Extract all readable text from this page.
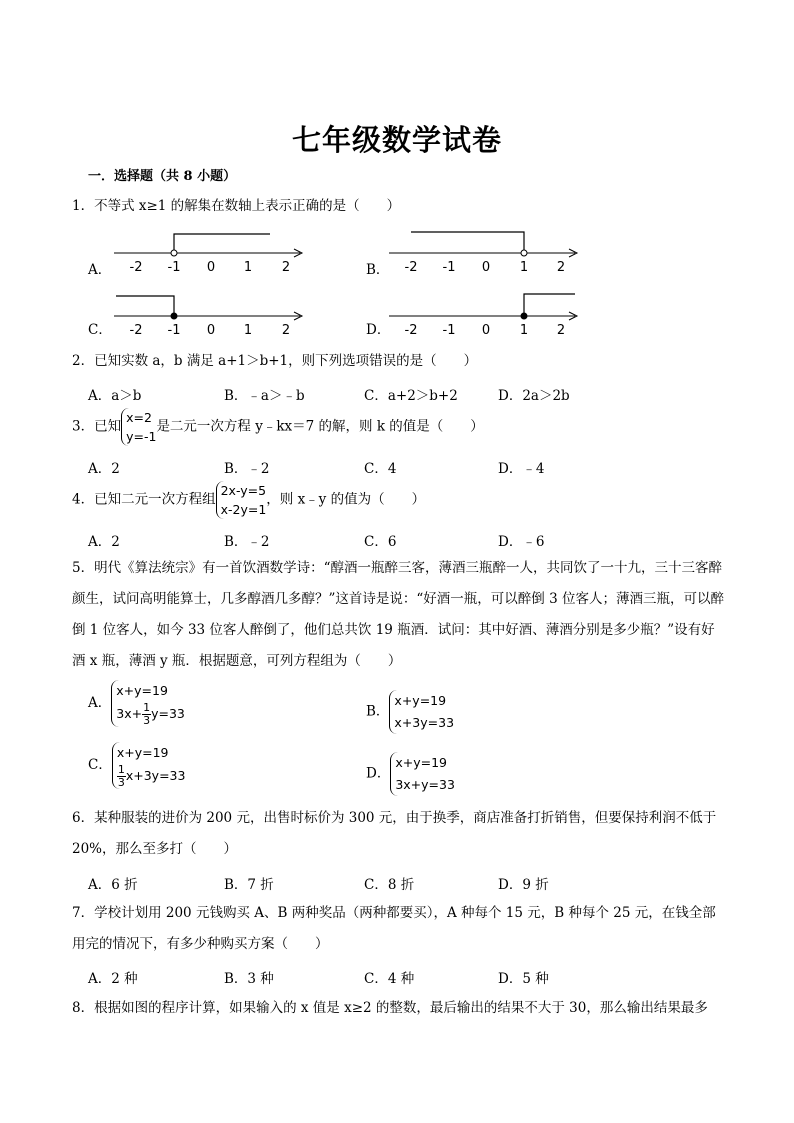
七年级数学试卷
一．选择题（共 8 小题）
1．不等式 x≥1 的解集在数轴上表示正确的是（　　）
A．	B．
C．	D．
-2 -1 0 1 2	-2 -1 0 1 2
-2 -1 0 1 2	-2 -1 0 1 2
2．已知实数 a，b 满足 a+1＞b+1，则下列选项错误的是（　　）
A．a＞b	B．﹣a＞﹣b	C．a+2＞b+2	D．2a＞2b
3．已知
x=2
y=-1
是二元一次方程 y﹣kx＝7 的解，则 k 的值是（　　）
A．2	B．﹣2	C．4	D．﹣4
4．已知二元一次方程组
2x-y=5
x-2y=1
，则 x﹣y 的值为（　　）
A．2	B．﹣2	C．6	D．﹣6
5．明代《算法统宗》有一首饮酒数学诗：“醇酒一瓶醉三客，薄酒三瓶醉一人，共同饮了一十九，三十三客醉颜生，试问高明能算士，几多醇酒几多醇？”这首诗是说：“好酒一瓶，可以醉倒 3 位客人；薄酒三瓶，可以醉倒 1 位客人，如今 33 位客人醉倒了，他们总共饮 19 瓶酒．试问：其中好酒、薄酒分别是多少瓶？”设有好酒 x 瓶，薄酒 y 瓶．根据题意，可列方程组为（　　）
A．
x+y=19
$3x+ \frac{1}{3} y=33$	B．
x+y=19
x+3y=33
C．
x+y=19
$\frac{1}{3} x+3y=33$	D．
x+y=19
3x+y=33
6．某种服装的进价为 200 元，出售时标价为 300 元，由于换季，商店准备打折销售，但要保持利润不低于 20%，那么至多打（　　）
A．6 折	B．7 折	C．8 折	D．9 折
7．学校计划用 200 元钱购买 A、B 两种奖品（两种都要买），A 种每个 15 元，B 种每个 25 元，在钱全部用完的情况下，有多少种购买方案（　　）
A．2 种	B．3 种	C．4 种	D．5 种
8．根据如图的程序计算，如果输入的 x 值是 x≥2 的整数，最后输出的结果不大于 30，那么输出结果最多
